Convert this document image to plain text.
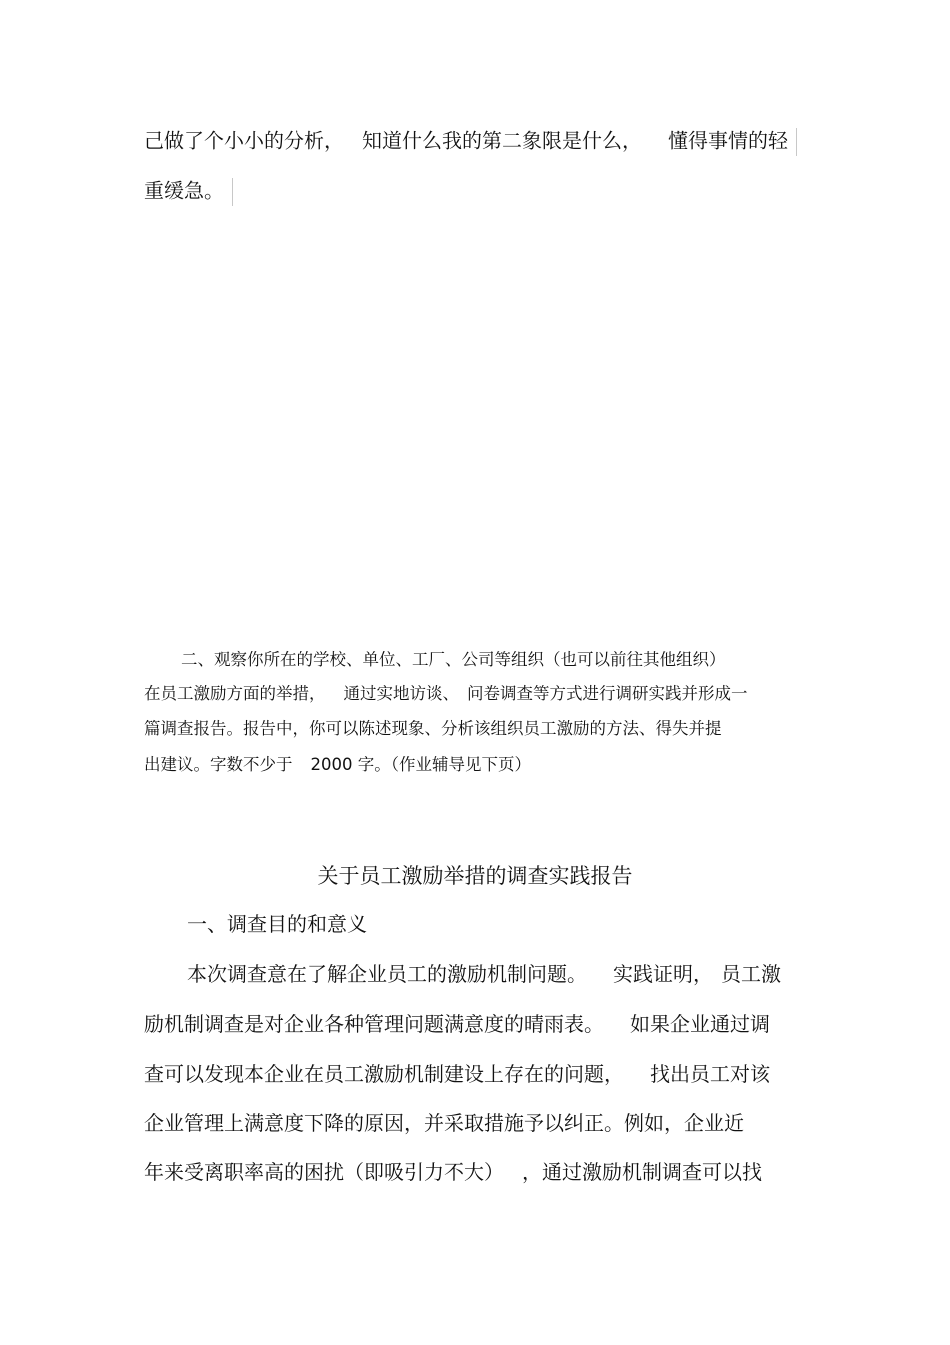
己做了个小小的分析， 知道什么我的第二象限是什么， 懂得事情的轻
重缓急。
二、观察你所在的学校、单位、工厂、公司等组织（也可以前往其他组织）
在员工激励方面的举措， 通过实地访谈、 问卷调查等方式进行调研实践并形成一
篇调查报告。报告中，你可以陈述现象、分析该组织员工激励的方法、得失并提
出建议。字数不少于 2000 字。（作业辅导见下页）
关于员工激励举措的调查实践报告
一、调查目的和意义
本次调查意在了解企业员工的激励机制问题。 实践证明， 员工激
励机制调查是对企业各种管理问题满意度的晴雨表。 如果企业通过调
查可以发现本企业在员工激励机制建设上存在的问题， 找出员工对该
企业管理上满意度下降的原因，并采取措施予以纠正。例如，企业近
年来受离职率高的困扰（即吸引力不大） ，通过激励机制调查可以找
